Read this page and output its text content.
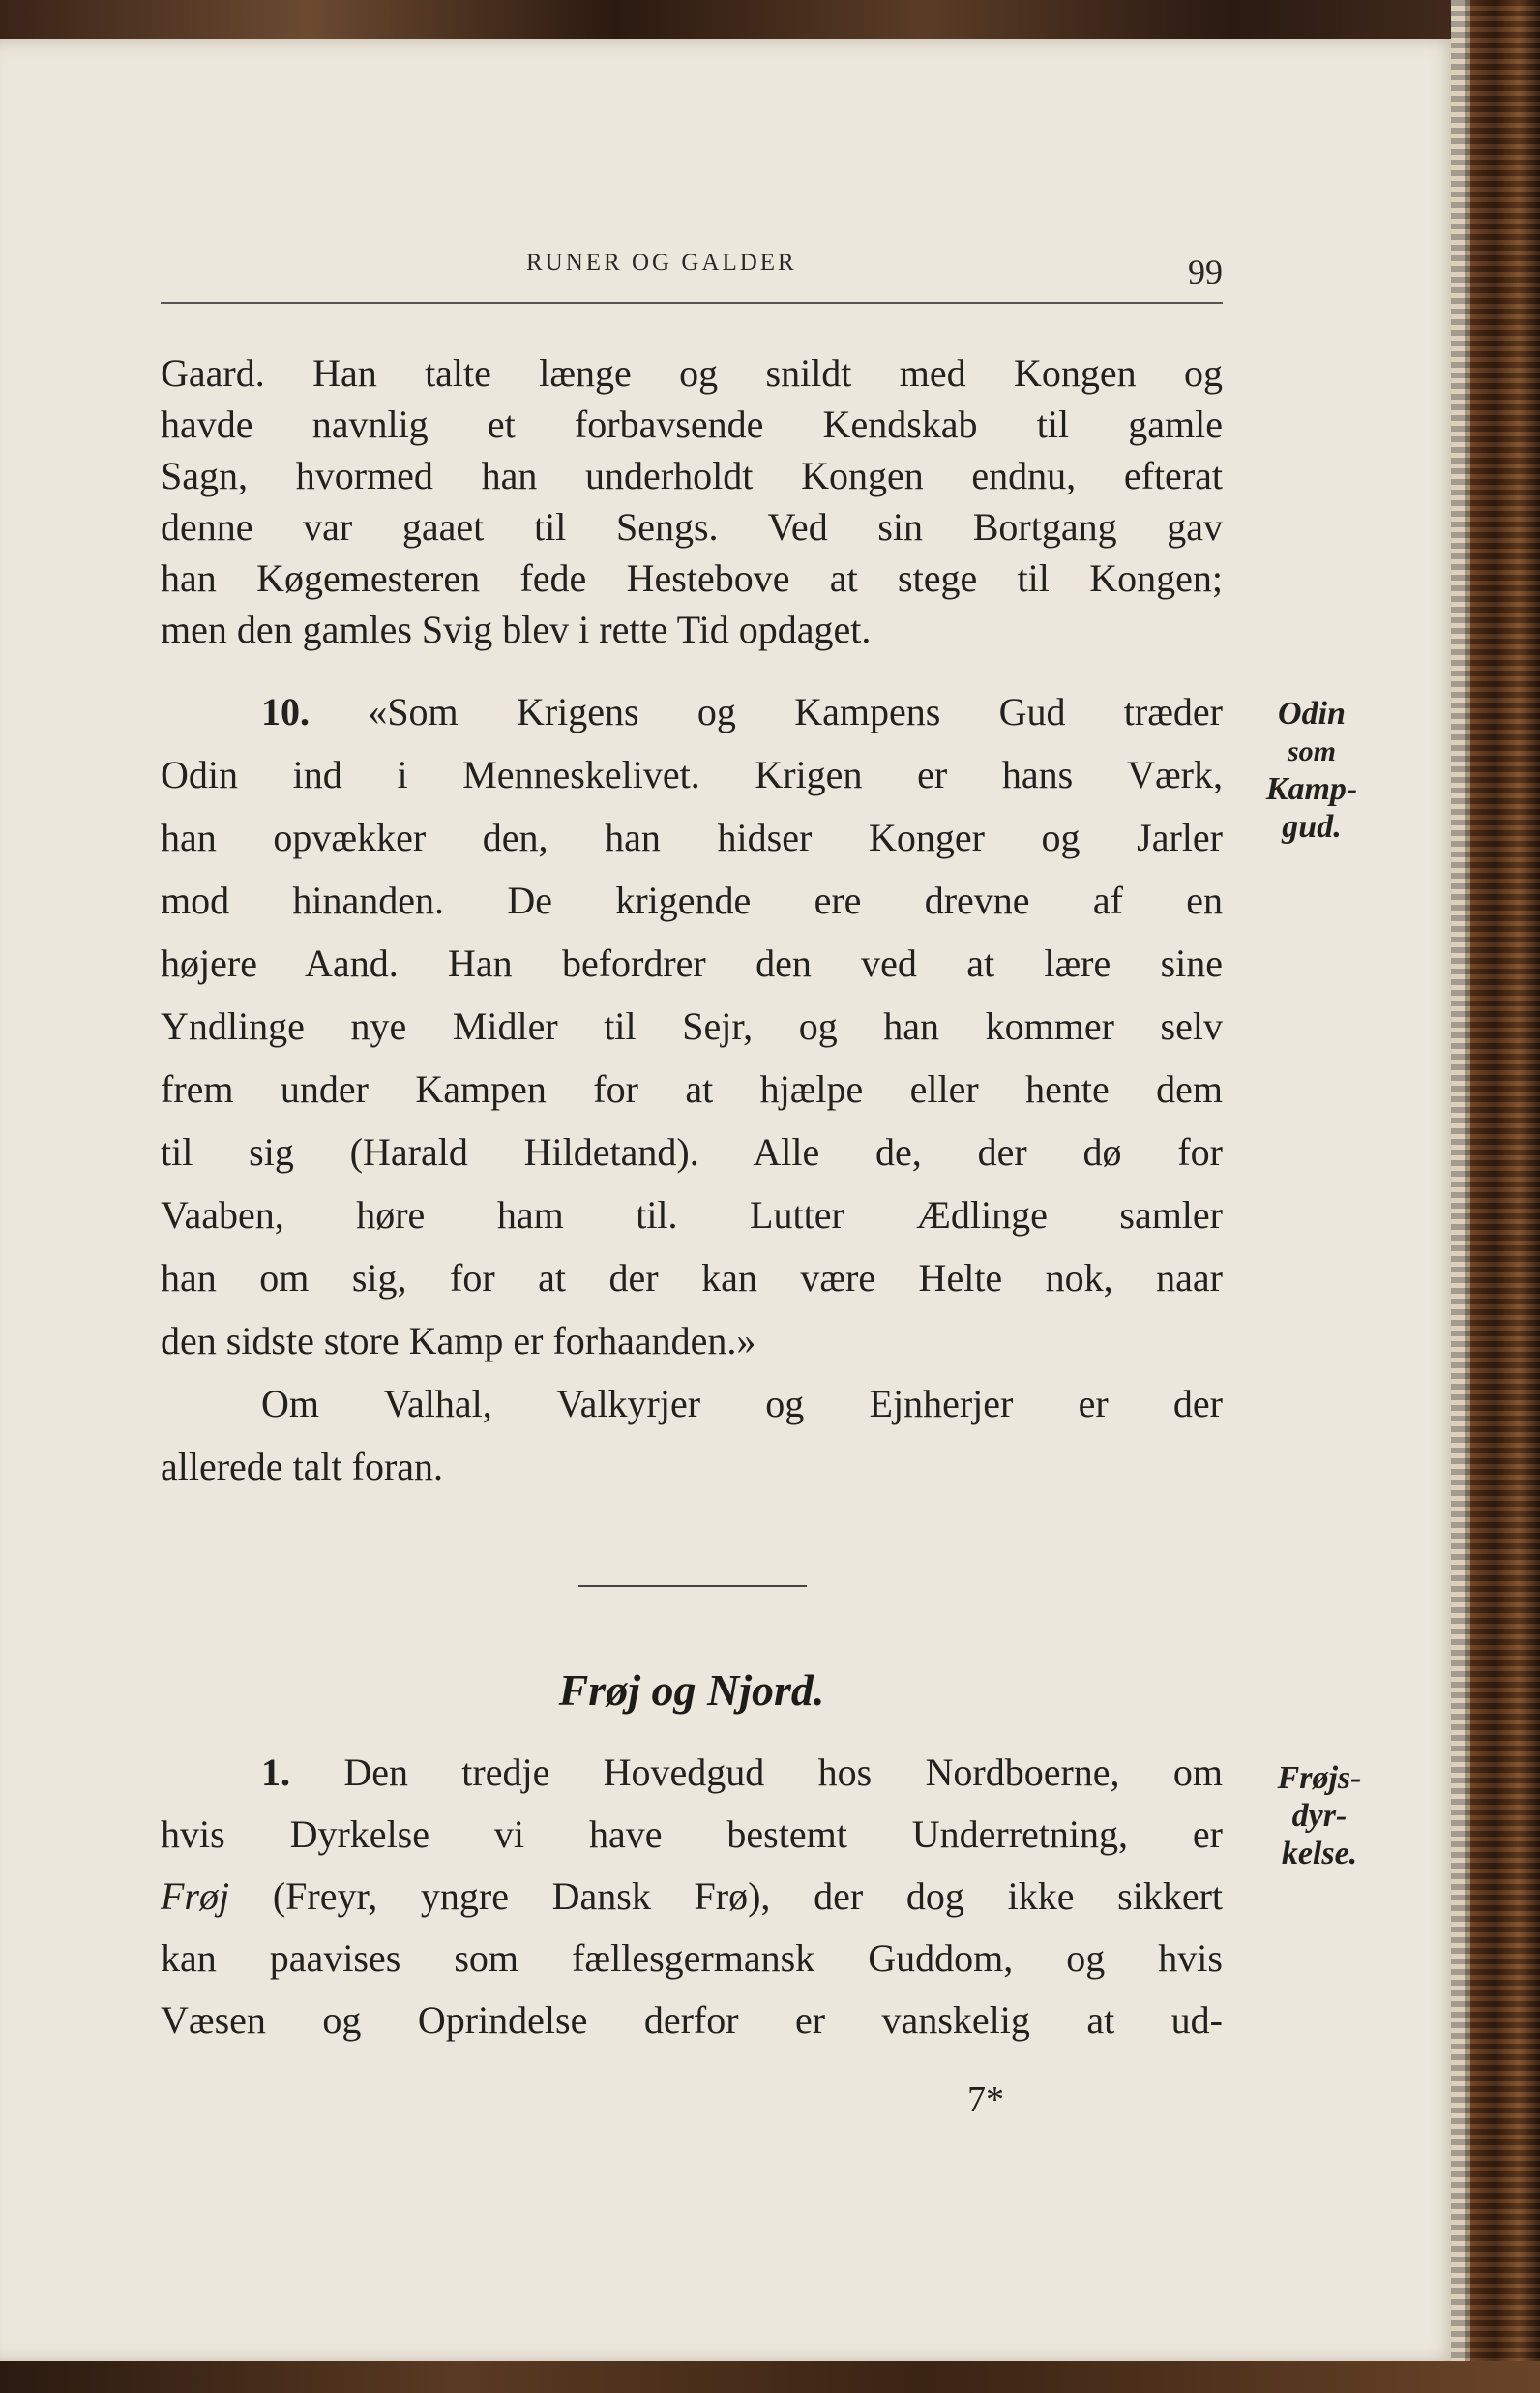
RUNER OG GALDER	99

Gaard. Han talte længe og snildt med Kongen og

havde navnlig et forbavsende Kendskab til gamle

Sagn, hvormed han underholdt Kongen endnu, efterat

denne var gaaet til Sengs. Ved sin Bortgang gav

han Køgemesteren fede Hestebove at stege til Kongen;

men den gamles Svig blev i rette Tid opdaget.

10. «Som Krigens og Kampens Gud træder

Odin ind i Menneskelivet. Krigen er hans Værk,

han opvækker den, han hidser Konger og Jarler

mod hinanden. De krigende ere drevne af en

højere Aand. Han befordrer den ved at lære sine

Yndlinge nye Midler til Sejr, og han kommer selv

frem under Kampen for at hjælpe eller hente dem

til sig (Harald Hildetand). Alle de, der dø for

Vaaben, høre ham til. Lutter Ædlinge samler

han om sig, for at der kan være Helte nok, naar

den sidste store Kamp er forhaanden.»

Om Valhal, Valkyrjer og Ejnherjer er der

allerede talt foran.

Odin
som
Kamp-
gud.
Frøj og Njord.

1. Den tredje Hovedgud hos Nordboerne, om

hvis Dyrkelse vi have bestemt Underretning, er

Frøj (Freyr, yngre Dansk Frø), der dog ikke sikkert

kan paavises som fællesgermansk Guddom, og hvis

Væsen og Oprindelse derfor er vanskelig at ud-

Frøjs-
dyr-
kelse.
7*
